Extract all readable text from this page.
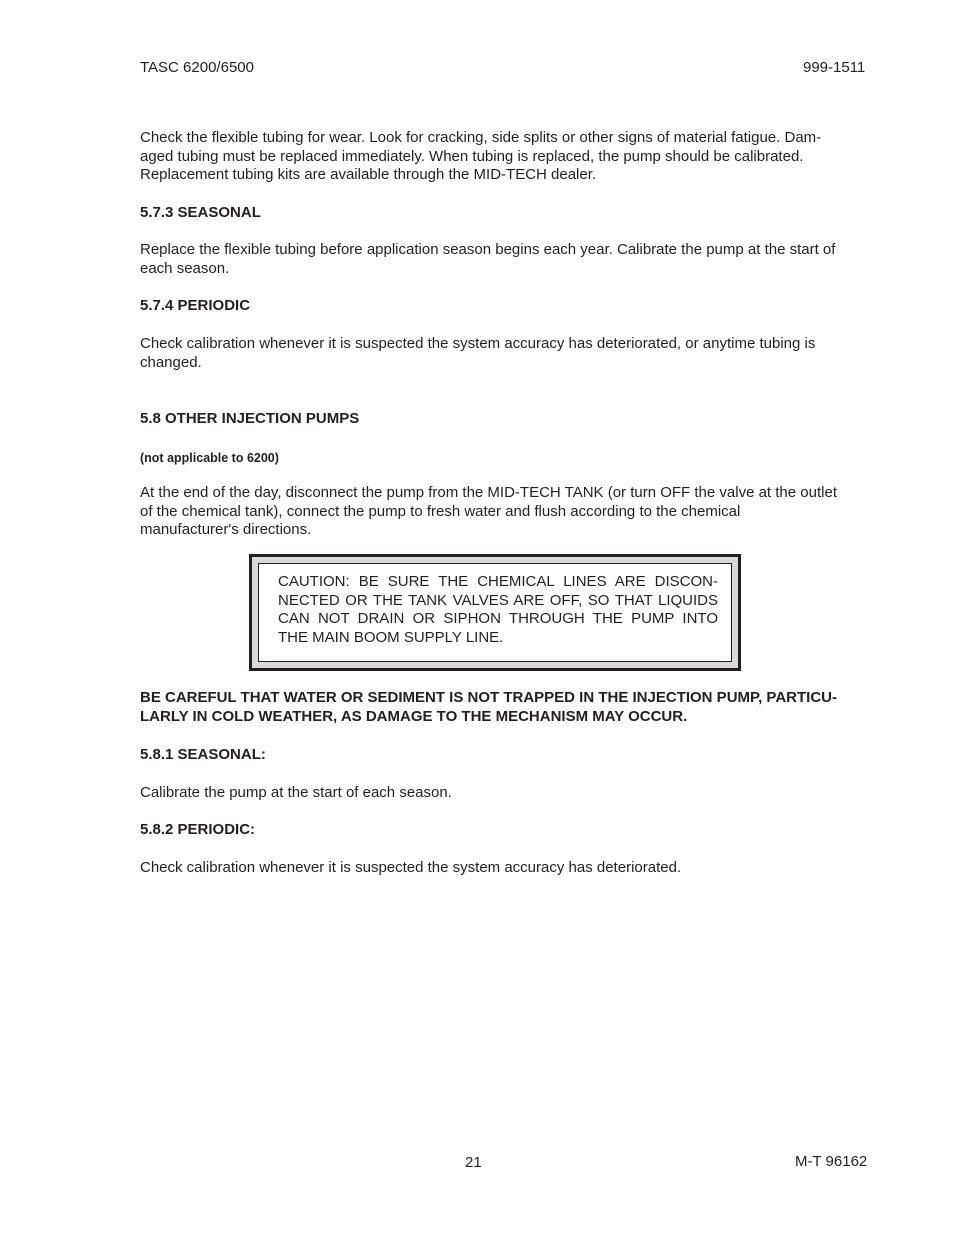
TASC 6200/6500	999-1511
Check the flexible tubing for wear. Look for cracking, side splits or other signs of material fatigue. Dam-
aged tubing must be replaced immediately. When tubing is replaced, the pump should be calibrated.
Replacement tubing kits are available through the MID-TECH dealer.
5.7.3 SEASONAL
Replace the flexible tubing before application season begins each year. Calibrate the pump at the start of
each season.
5.7.4 PERIODIC
Check calibration whenever it is suspected the system accuracy has deteriorated, or anytime tubing is
changed.
5.8 OTHER INJECTION PUMPS
(not applicable to 6200)
At the end of the day, disconnect the pump from the MID-TECH TANK (or turn OFF the valve at the outlet
of the chemical tank), connect the pump to fresh water and flush according to the chemical
manufacturer's directions.
CAUTION: BE SURE THE CHEMICAL LINES ARE DISCON-
NECTED OR THE TANK VALVES ARE OFF, SO THAT LIQUIDS
CAN NOT DRAIN OR SIPHON THROUGH THE PUMP INTO
THE MAIN BOOM SUPPLY LINE.
BE CAREFUL THAT WATER OR SEDIMENT IS NOT TRAPPED IN THE INJECTION PUMP, PARTICU-
LARLY IN COLD WEATHER, AS DAMAGE TO THE MECHANISM MAY OCCUR.
5.8.1 SEASONAL:
Calibrate the pump at the start of each season.
5.8.2 PERIODIC:
Check calibration whenever it is suspected the system accuracy has deteriorated.
21	M-T 96162
